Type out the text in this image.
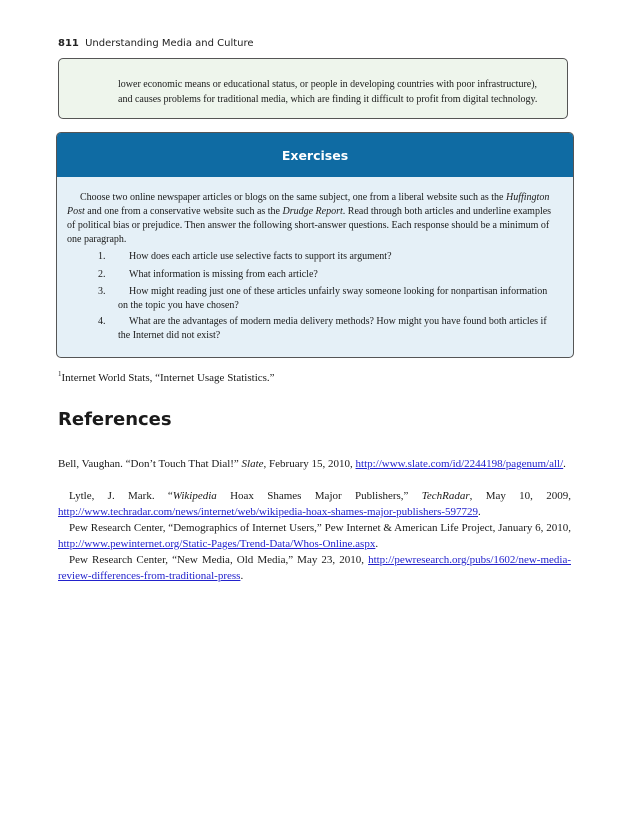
811 Understanding Media and Culture
lower economic means or educational status, or people in developing countries with poor infrastructure),
and causes problems for traditional media, which are finding it difficult to profit from digital technology.
Exercises
Choose two online newspaper articles or blogs on the same subject, one from a liberal website such as the Huffington Post and one from a conservative website such as the Drudge Report. Read through both articles and underline examples of political bias or prejudice. Then answer the following short-answer questions. Each response should be a minimum of one paragraph.
1.	How does each article use selective facts to support its argument?
2.	What information is missing from each article?
3.	How might reading just one of these articles unfairly sway someone looking for nonpartisan information on the topic you have chosen?
4.	What are the advantages of modern media delivery methods? How might you have found both articles if the Internet did not exist?
$^1$Internet World Stats, “Internet Usage Statistics.”
References

Bell, Vaughan. “Don’t Touch That Dial!” Slate, February 15, 2010, http://www.slate.com/id/2244198/pagenum/all/.

Lytle, J. Mark. “Wikipedia Hoax Shames Major Publishers,” TechRadar, May 10, 2009, http://www.techradar.com/news/internet/web/wikipedia-hoax-shames-major-publishers-597729.

Pew Research Center, “Demographics of Internet Users,” Pew Internet & American Life Project, January 6, 2010, http://www.pewinternet.org/Static-Pages/Trend-Data/Whos-Online.aspx.

Pew Research Center, “New Media, Old Media,” May 23, 2010, http://pewresearch.org/pubs/1602/new-media-review-differences-from-traditional-press.
